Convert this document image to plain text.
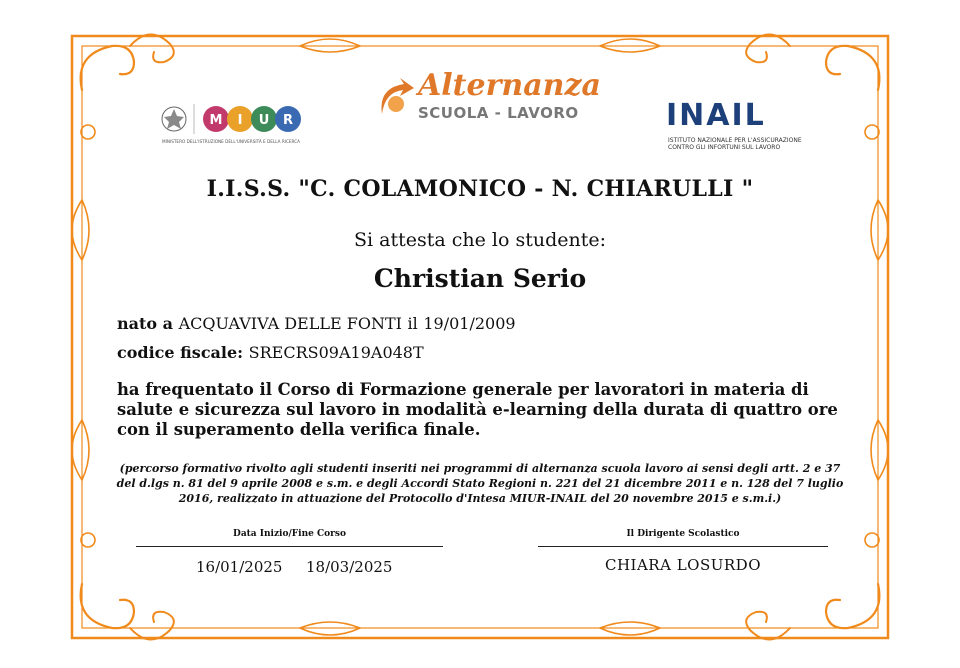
M I U R
MINISTERO DELL'ISTRUZIONE DELL'UNIVERSITÀ E DELLA RICERCA
Alternanza
SCUOLA - LAVORO	INAIL
ISTITUTO NAZIONALE PER L'ASSICURAZIONE
CONTRO GLI INFORTUNI SUL LAVORO
I.I.S.S. "C. COLAMONICO - N. CHIARULLI "
Si attesta che lo studente:
Christian Serio
nato a ACQUAVIVA DELLE FONTI il 19/01/2009
codice fiscale: SRECRS09A19A048T
ha frequentato il Corso di Formazione generale per lavoratori in materia di salute e sicurezza sul lavoro in modalità e-learning della durata di quattro ore con il superamento della verifica finale.
(percorso formativo rivolto agli studenti inseriti nei programmi di alternanza scuola lavoro ai sensi degli artt. 2 e 37 del d.lgs n. 81 del 9 aprile 2008 e s.m. e degli Accordi Stato Regioni n. 221 del 21 dicembre 2011 e n. 128 del 7 luglio 2016, realizzato in attuazione del Protocollo d'Intesa MIUR-INAIL del 20 novembre 2015 e s.m.i.)
Data Inizio/Fine Corso
16/01/2025 18/03/2025
Il Dirigente Scolastico
CHIARA LOSURDO
